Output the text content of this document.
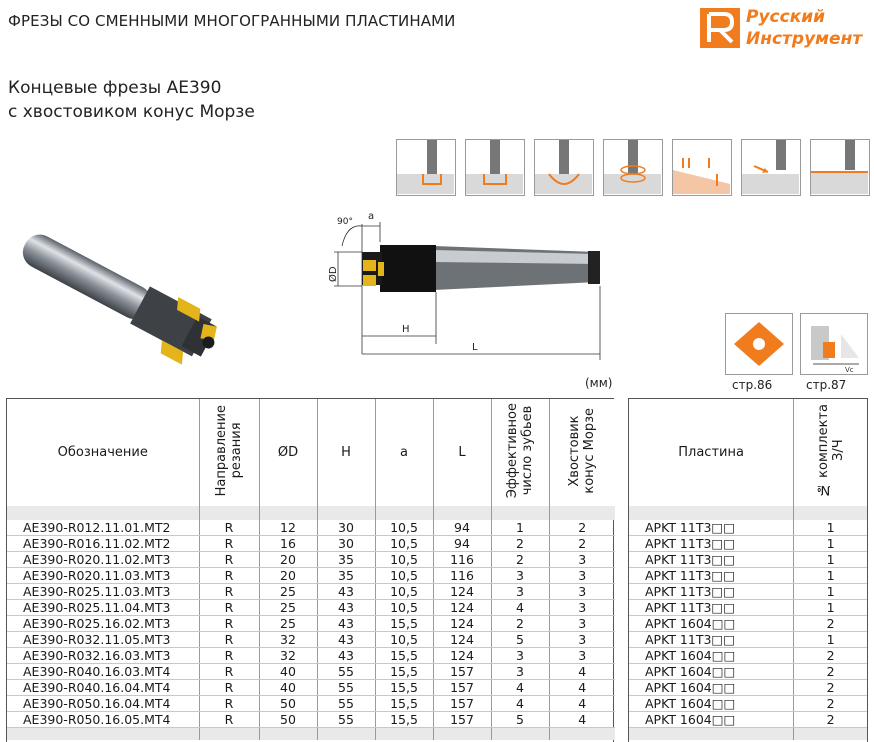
ФРЕЗЫ СО СМЕННЫМИ МНОГОГРАННЫМИ ПЛАСТИНАМИ	Русский
Инструмент
Концевые фрезы АЕ390
с хвостовиком конус Морзе
a
90°
ØD
H
L
Vc
стр.86	стр.87
(мм)
Обозначение	Направление
резания	ØD	H	a	L	Эффективное
число зубьев	Хвостовик
конус Морзе

АЕ390-R012.11.01.МТ2	R	12	30	10,5	94	1	2
АЕ390-R016.11.02.МТ2	R	16	30	10,5	94	2	2
АЕ390-R020.11.02.МТ3	R	20	35	10,5	116	2	3
АЕ390-R020.11.03.МТ3	R	20	35	10,5	116	3	3
АЕ390-R025.11.03.МТ3	R	25	43	10,5	124	3	3
АЕ390-R025.11.04.МТ3	R	25	43	10,5	124	4	3
АЕ390-R025.16.02.МТ3	R	25	43	15,5	124	2	3
АЕ390-R032.11.05.МТ3	R	32	43	10,5	124	5	3
АЕ390-R032.16.03.МТ3	R	32	43	15,5	124	3	3
АЕ390-R040.16.03.МТ4	R	40	55	15,5	157	3	4
АЕ390-R040.16.04.МТ4	R	40	55	15,5	157	4	4
АЕ390-R050.16.04.МТ4	R	50	55	15,5	157	4	4
АЕ390-R050.16.05.МТ4	R	50	55	15,5	157	5	4

Пластина	№ комплекта
З/Ч

APKT 11T3□□	1
APKT 11T3□□	1
APKT 11T3□□	1
APKT 11T3□□	1
APKT 11T3□□	1
APKT 11T3□□	1
APKT 1604□□	2
APKT 11T3□□	1
APKT 1604□□	2
APKT 1604□□	2
APKT 1604□□	2
APKT 1604□□	2
APKT 1604□□	2
